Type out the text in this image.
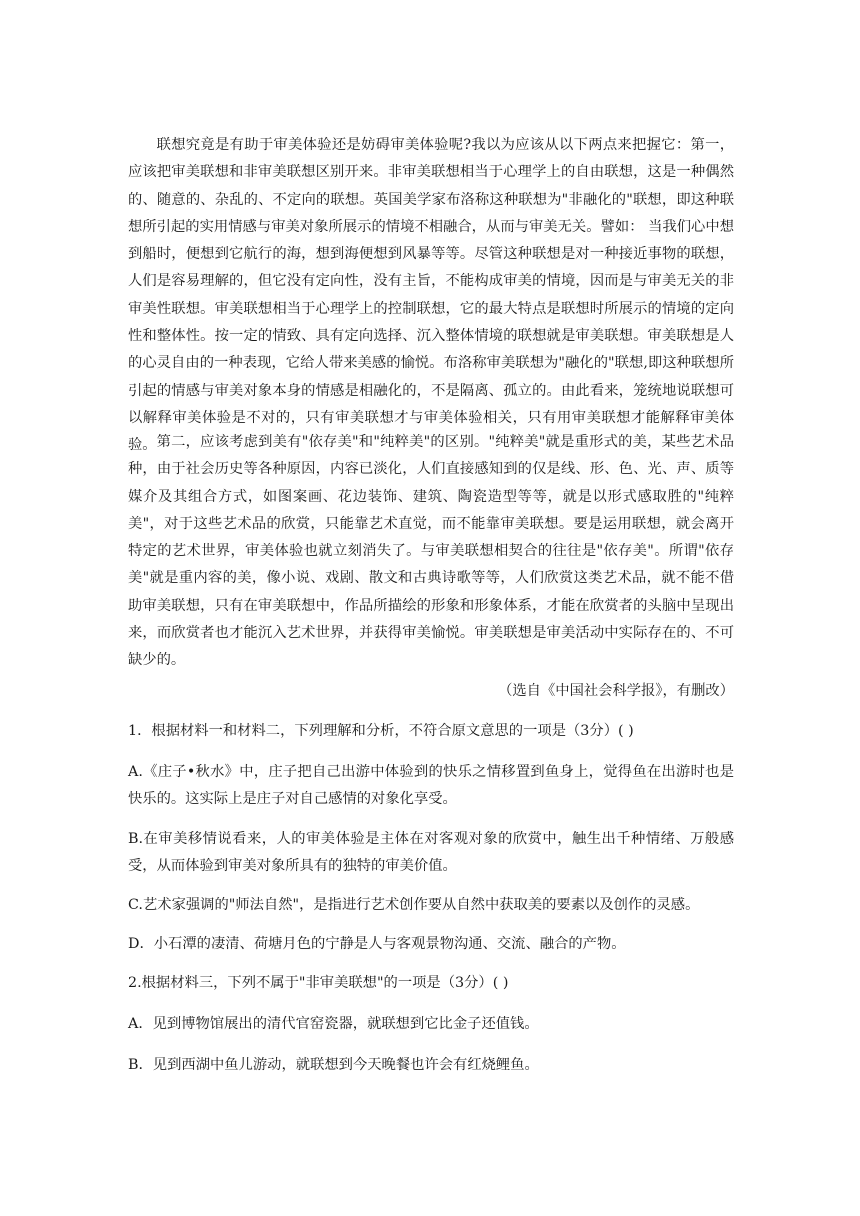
联想究竟是有助于审美体验还是妨碍审美体验呢?我以为应该从以下两点来把握它：第一，应该把审美联想和非审美联想区别开来。非审美联想相当于心理学上的自由联想，这是一种偶然的、随意的、杂乱的、不定向的联想。英国美学家布洛称这种联想为"非融化的"联想，即这种联想所引起的实用情感与审美对象所展示的情境不相融合，从而与审美无关。譬如： 当我们心中想到船时，便想到它航行的海，想到海便想到风暴等等。尽管这种联想是对一种接近事物的联想，人们是容易理解的，但它没有定向性，没有主旨，不能构成审美的情境，因而是与审美无关的非审美性联想。审美联想相当于心理学上的控制联想，它的最大特点是联想时所展示的情境的定向性和整体性。按一定的情致、具有定向选择、沉入整体情境的联想就是审美联想。审美联想是人的心灵自由的一种表现，它给人带来美感的愉悦。布洛称审美联想为"融化的"联想,即这种联想所引起的情感与审美对象本身的情感是相融化的，不是隔离、孤立的。由此看来，笼统地说联想可以解释审美体验是不对的，只有审美联想才与审美体验相关，只有用审美联想才能解释审美体验。 第二，应该考虑到美有"依存美"和"纯粹美"的区别。"纯粹美"就是重形式的美，某些艺术品种，由于社会历史等各种原因，内容已淡化，人们直接感知到的仅是线、形、色、光、声、质等媒介及其组合方式，如图案画、花边装饰、建筑、陶瓷造型等等，就是以形式感取胜的"纯粹美"，对于这些艺术品的欣赏，只能靠艺术直觉，而不能靠审美联想。要是运用联想，就会离开特定的艺术世界，审美体验也就立刻消失了。与审美联想相契合的往往是"依存美"。所谓"依存美"就是重内容的美，像小说、戏剧、散文和古典诗歌等等，人们欣赏这类艺术品，就不能不借助审美联想，只有在审美联想中，作品所描绘的形象和形象体系，才能在欣赏者的头脑中呈现出来，而欣赏者也才能沉入艺术世界，并获得审美愉悦。审美联想是审美活动中实际存在的、不可缺少的。

（选自《中国社会科学报》，有删改）

1．根据材料一和材料二，下列理解和分析，不符合原文意思的一项是（3分）( )

A.《庄子•秋水》中，庄子把自己出游中体验到的快乐之情移置到鱼身上，觉得鱼在出游时也是快乐的。这实际上是庄子对自己感情的对象化享受。

B.在审美移情说看来，人的审美体验是主体在对客观对象的欣赏中，触生出千种情绪、万般感受，从而体验到审美对象所具有的独特的审美价值。

C.艺术家强调的"师法自然"，是指进行艺术创作要从自然中获取美的要素以及创作的灵感。

D．小石潭的凄清、荷塘月色的宁静是人与客观景物沟通、交流、融合的产物。

2.根据材料三，下列不属于"非审美联想"的一项是（3分）( )

A．见到博物馆展出的清代官窑瓷器，就联想到它比金子还值钱。

B．见到西湖中鱼儿游动，就联想到今天晚餐也许会有红烧鲤鱼。
